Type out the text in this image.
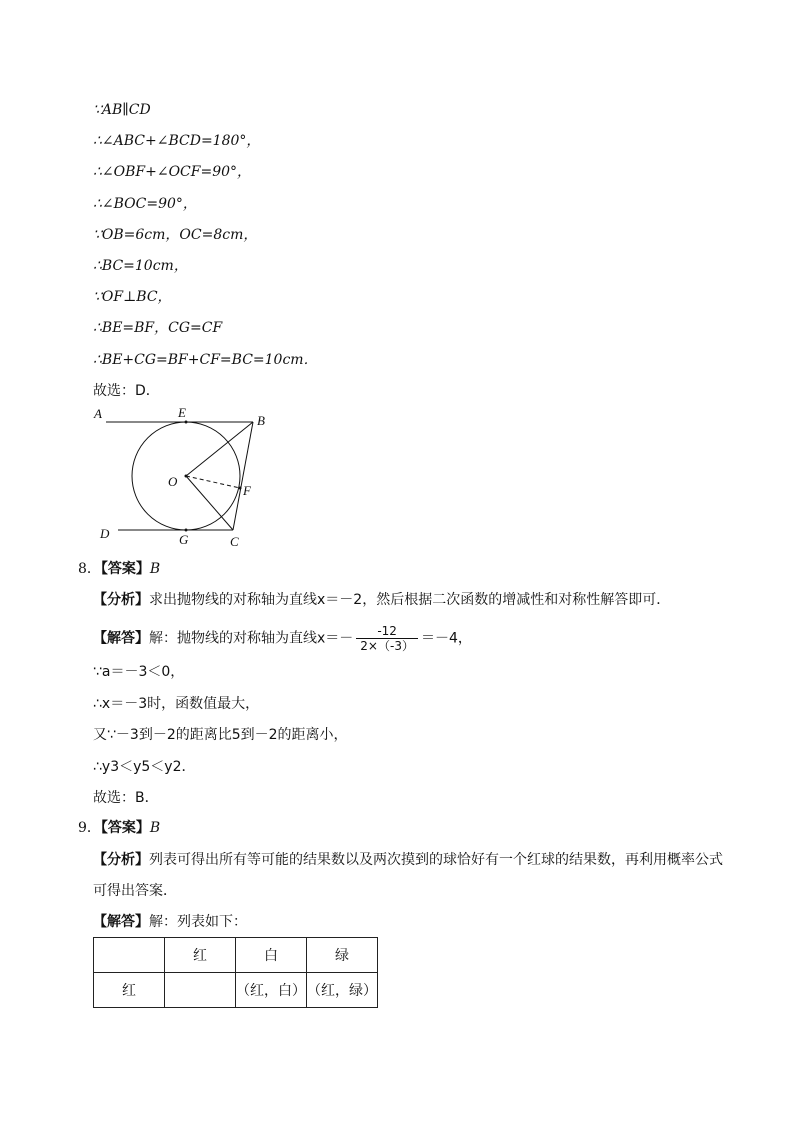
∵AB∥CD
∴∠ABC+∠BCD=180°，
∴∠OBF+∠OCF=90°，
∴∠BOC=90°，
∵OB=6cm，OC=8cm，
∴BC=10cm，
∵OF⊥BC，
∴BE=BF，CG=CF
∴BE+CG=BF+CF=BC=10cm．
故选：D．
A	E
B
O
F
D	G	C
8．【答案】B
【分析】求出抛物线的对称轴为直线x＝－2，然后根据二次函数的增减性和对称性解答即可．
【解答】解：抛物线的对称轴为直线$x=- \frac{-12}{2\times(-3)} =-4$，
∵a＝－3＜0，
∴x＝－3时，函数值最大，
又∵－3到－2的距离比5到－2的距离小，
∴y3＜y5＜y2．
故选：B．
9．【答案】B
【分析】列表可得出所有等可能的结果数以及两次摸到的球恰好有一个红球的结果数，再利用概率公式
可得出答案．
【解答】解：列表如下：
	红	白	绿
红		（红，白）	（红，绿）
